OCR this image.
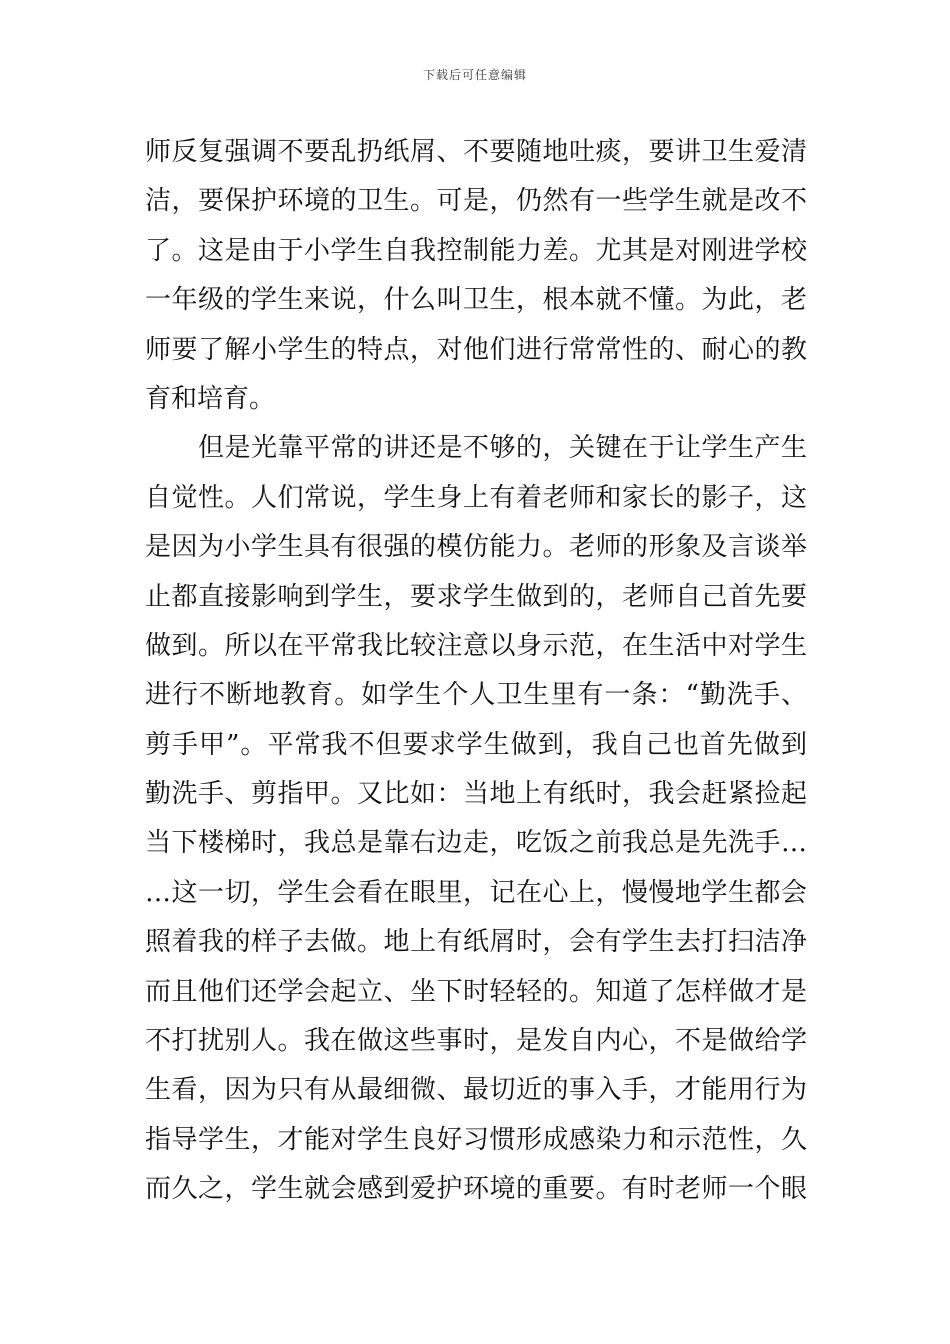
下载后可任意编辑
师反复强调不要乱扔纸屑、不要随地吐痰，要讲卫生爱清
洁，要保护环境的卫生。可是，仍然有一些学生就是改不
了。这是由于小学生自我控制能力差。尤其是对刚进学校
一年级的学生来说，什么叫卫生，根本就不懂。为此，老
师要了解小学生的特点，对他们进行常常性的、耐心的教
育和培育。
　　但是光靠平常的讲还是不够的，关键在于让学生产生
自觉性。人们常说，学生身上有着老师和家长的影子，这
是因为小学生具有很强的模仿能力。老师的形象及言谈举
止都直接影响到学生，要求学生做到的，老师自己首先要
做到。所以在平常我比较注意以身示范，在生活中对学生
进行不断地教育。如学生个人卫生里有一条：“勤洗手、
剪手甲”。平常我不但要求学生做到，我自己也首先做到
勤洗手、剪指甲。又比如：当地上有纸时，我会赶紧捡起
当下楼梯时，我总是靠右边走，吃饭之前我总是先洗手…
…这一切，学生会看在眼里，记在心上，慢慢地学生都会
照着我的样子去做。地上有纸屑时，会有学生去打扫洁净
而且他们还学会起立、坐下时轻轻的。知道了怎样做才是
不打扰别人。我在做这些事时，是发自内心，不是做给学
生看，因为只有从最细微、最切近的事入手，才能用行为
指导学生，才能对学生良好习惯形成感染力和示范性，久
而久之，学生就会感到爱护环境的重要。有时老师一个眼
